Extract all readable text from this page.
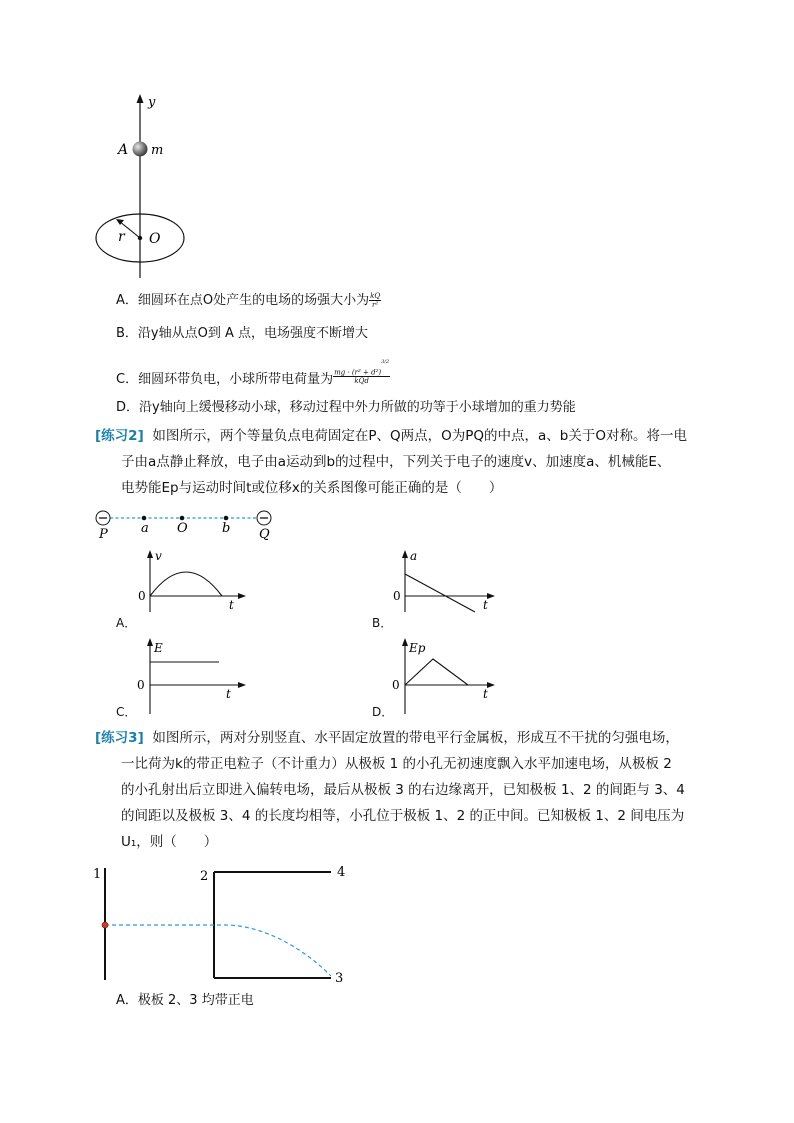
y
A m
r O
A．细圆环在点O处产生的电场的场强大小为 $\frac{kQ}{\text{r²}}$
B．沿y轴从点O到 A 点，电场强度不断增大
C．细圆环带负电，小球所带电荷量为 $\frac{mg \cdot (r^2 + d^2)^{3/2}}{\text{kQd}}$
D．沿y轴向上缓慢移动小球，移动过程中外力所做的功等于小球增加的重力势能
[练习2] 如图所示，两个等量负点电荷固定在P、Q两点，O为PQ的中点，a、b关于O对称。将一电
子由a点静止释放，电子由a运动到b的过程中，下列关于电子的速度v、加速度a、机械能E、
电势能Ep与运动时间t或位移x的关系图像可能正确的是（　　）
P	a O	b Q
v
t
0
A．
a
t
0
B．
E
t
0
C．
Ep
t
0
D．
[练习3] 如图所示，两对分别竖直、水平固定放置的带电平行金属板，形成互不干扰的匀强电场，
一比荷为k的带正电粒子（不计重力）从极板 1 的小孔无初速度飘入水平加速电场，从极板 2
的小孔射出后立即进入偏转电场，最后从极板 3 的右边缘离开，已知极板 1、2 的间距与 3、4
的间距以及极板 3、4 的长度均相等，小孔位于极板 1、2 的正中间。已知极板 1、2 间电压为
U₁，则（　　）
1	2
3
4
A．极板 2、3 均带正电
